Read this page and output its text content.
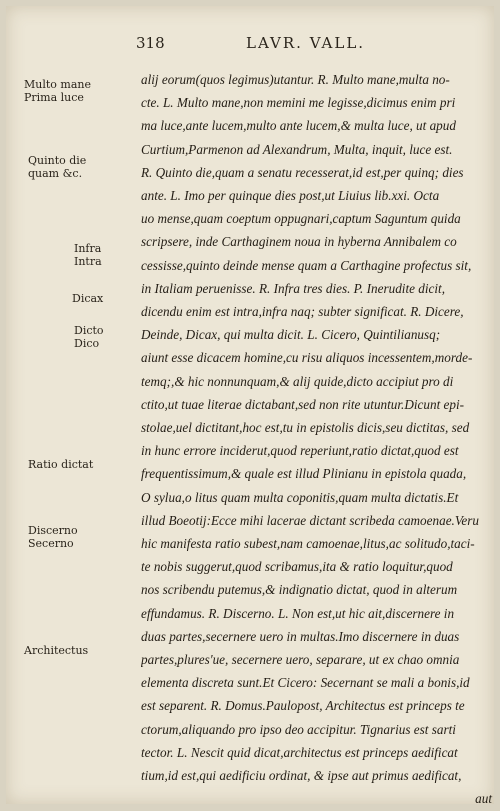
318	LAVR. VALL.
Multo mane
Prima luce
Quinto die
quam &c.
Infra
Intra
Dicax
Dicto
Dico
Ratio dictat
Discerno
Secerno
Architectus
alij eorum(quos legimus)utantur. R. Multo mane,multa no-
cte. L. Multo mane,non memini me legisse,dicimus enim pri
ma luce,ante lucem,multo ante lucem,& multa luce, ut apud
Curtium,Parmenon ad Alexandrum, Multa, inquit, luce est.
R. Quinto die,quam a senatu recesserat,id est,per quinq; dies
ante. L. Imo per quinque dies post,ut Liuius lib.xxi. Octa
uo mense,quam coeptum oppugnari,captum Saguntum quida
scripsere, inde Carthaginem noua in hyberna Annibalem co
cessisse,quinto deinde mense quam a Carthagine profectus sit,
in Italiam peruenisse. R. Infra tres dies. P. Inerudite dicit,
dicendu enim est intra,infra naq; subter significat. R. Dicere,
Deinde, Dicax, qui multa dicit. L. Cicero, Quintilianusq;
aiunt esse dicacem homine,cu risu aliquos incessentem,morde-
temq;,& hic nonnunquam,& alij quide,dicto accipiut pro di
ctito,ut tuae literae dictabant,sed non rite utuntur.Dicunt epi-
stolae,uel dictitant,hoc est,tu in epistolis dicis,seu dictitas, sed
in hunc errore inciderut,quod reperiunt,ratio dictat,quod est
frequentissimum,& quale est illud Plinianu in epistola quada,
O sylua,o litus quam multa coponitis,quam multa dictatis.Et
illud Boeotij:Ecce mihi lacerae dictant scribeda camoenae.Veru
hic manifesta ratio subest,nam camoenae,litus,ac solitudo,taci-
te nobis suggerut,quod scribamus,ita & ratio loquitur,quod
nos scribendu putemus,& indignatio dictat, quod in alterum
effundamus. R. Discerno. L. Non est,ut hic ait,discernere in
duas partes,secernere uero in multas.Imo discernere in duas
partes,plures'ue, secernere uero, separare, ut ex chao omnia
elementa discreta sunt.Et Cicero: Secernant se mali a bonis,id
est separent. R. Domus.Paulopost, Architectus est princeps te
ctorum,aliquando pro ipso deo accipitur. Tignarius est sarti
tector. L. Nescit quid dicat,architectus est princeps aedificat
tium,id est,qui aedificiu ordinat, & ipse aut primus aedificat,
aut
